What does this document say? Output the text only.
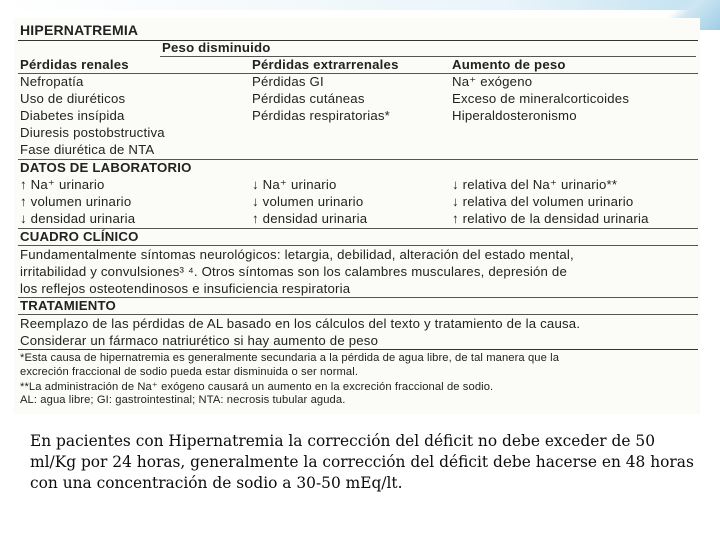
HIPERNATREMIA
Peso disminuido
Pérdidas renales	Pérdidas extrarrenales	Aumento de peso
Nefropatía
Uso de diuréticos
Diabetes insípida
Diuresis postobstructiva
Fase diurética de NTA
Pérdidas GI
Pérdidas cutáneas
Pérdidas respiratorias*
Na⁺ exógeno
Exceso de mineralcorticoides
Hiperaldosteronismo
DATOS DE LABORATORIO
↑ Na⁺ urinario
↑ volumen urinario
↓ densidad urinaria
↓ Na⁺ urinario
↓ volumen urinario
↑ densidad urinaria
↓ relativa del Na⁺ urinario**
↓ relativa del volumen urinario
↑ relativo de la densidad urinaria
CUADRO CLÍNICO
Fundamentalmente síntomas neurológicos: letargia, debilidad, alteración del estado mental,
irritabilidad y convulsiones³ ⁴. Otros síntomas son los calambres musculares, depresión de
los reflejos osteotendinosos e insuficiencia respiratoria
TRATAMIENTO
Reemplazo de las pérdidas de AL basado en los cálculos del texto y tratamiento de la causa.
Considerar un fármaco natriurético si hay aumento de peso
*Esta causa de hipernatremia es generalmente secundaria a la pérdida de agua libre, de tal manera que la
excreción fraccional de sodio pueda estar disminuida o ser normal.
**La administración de Na⁺ exógeno causará un aumento en la excreción fraccional de sodio.
AL: agua libre; GI: gastrointestinal; NTA: necrosis tubular aguda.
En pacientes con Hipernatremia la corrección del déficit no debe exceder de 50 ml/Kg por 24 horas, generalmente la corrección del déficit debe hacerse en 48 horas con una concentración de sodio a 30-50 mEq/lt.
